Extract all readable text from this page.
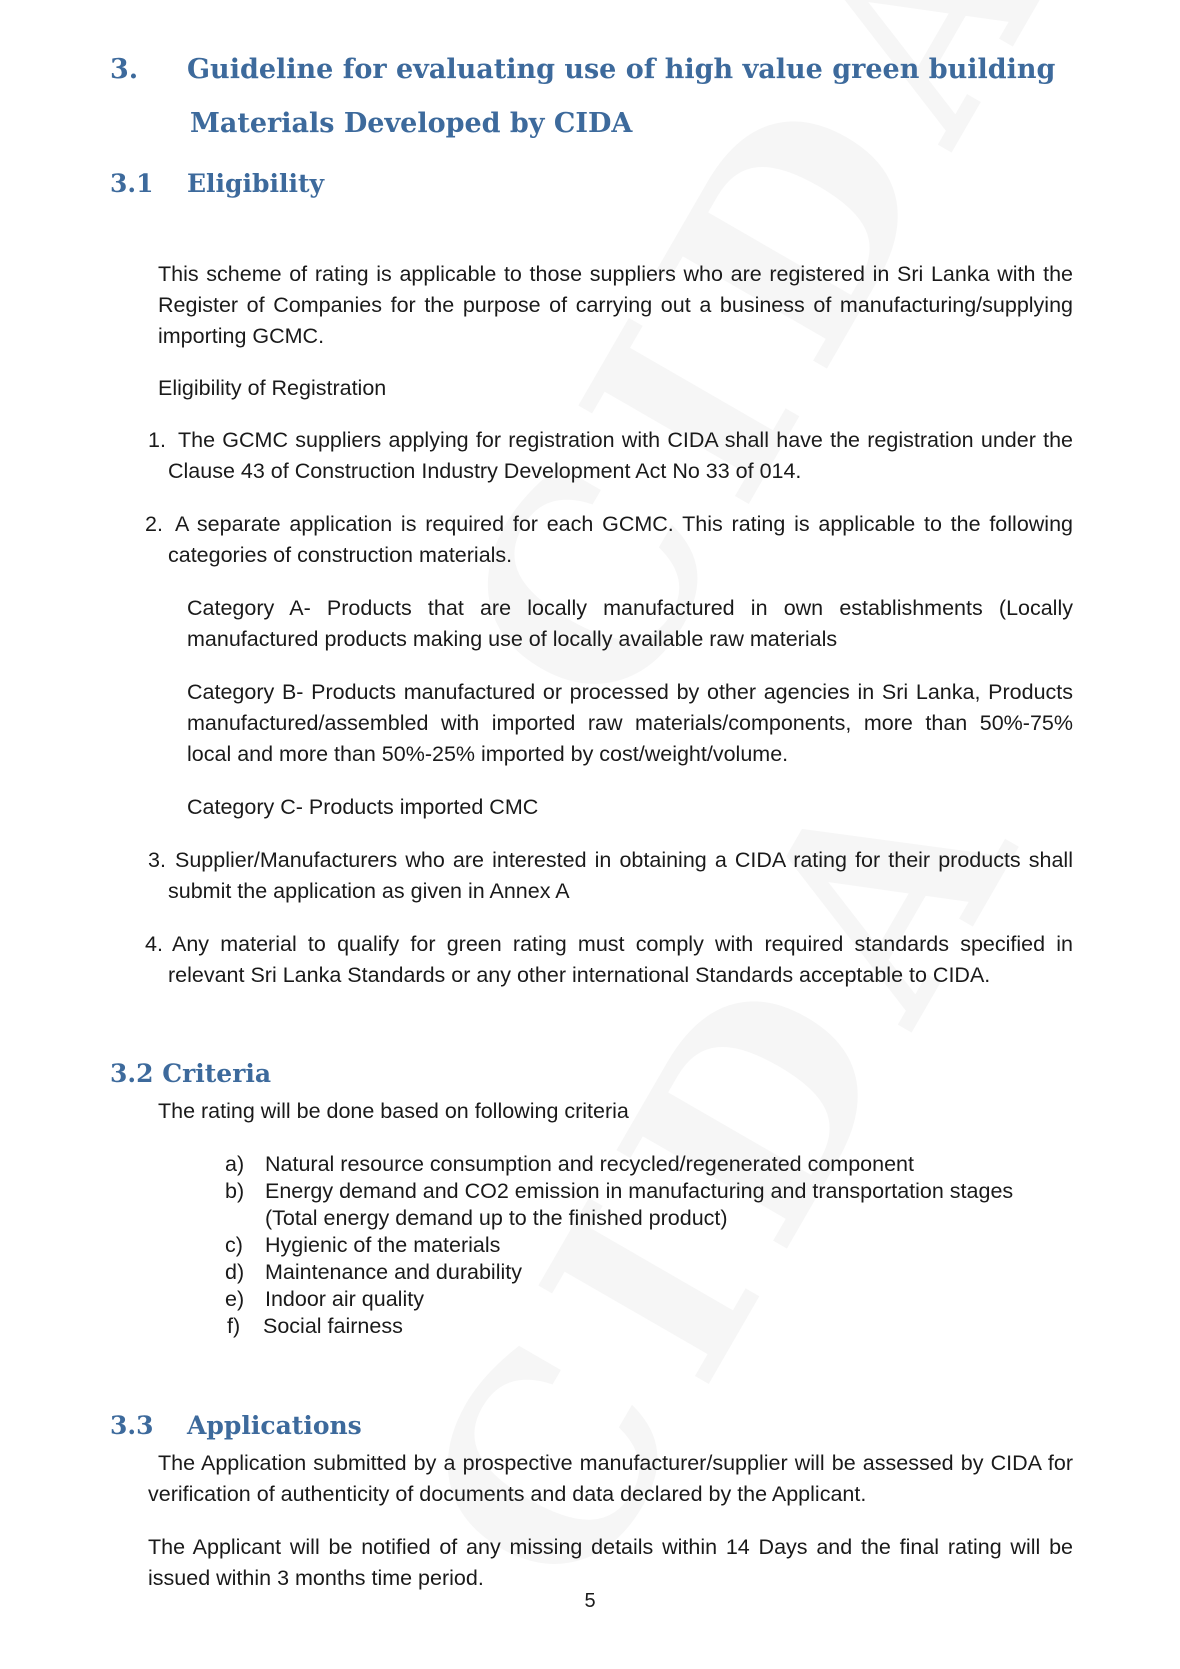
3. Guideline for evaluating use of high value green building
Materials Developed by CIDA
3.1 Eligibility
This scheme of rating is applicable to those suppliers who are registered in Sri Lanka with the Register of Companies for the purpose of carrying out a business of manufacturing/supplying importing GCMC.
Eligibility of Registration
1. The GCMC suppliers applying for registration with CIDA shall have the registration under the Clause 43 of Construction Industry Development Act No 33 of 014.
2. A separate application is required for each GCMC. This rating is applicable to the following categories of construction materials.
Category A- Products that are locally manufactured in own establishments (Locally manufactured products making use of locally available raw materials
Category B- Products manufactured or processed by other agencies in Sri Lanka, Products manufactured/assembled with imported raw materials/components, more than 50%-75% local and more than 50%-25% imported by cost/weight/volume.
Category C- Products imported CMC
3. Supplier/Manufacturers who are interested in obtaining a CIDA rating for their products shall submit the application as given in Annex A
4. Any material to qualify for green rating must comply with required standards specified in relevant Sri Lanka Standards or any other international Standards acceptable to CIDA.
3.2 Criteria
The rating will be done based on following criteria
a) Natural resource consumption and recycled/regenerated component
b) Energy demand and CO2 emission in manufacturing and transportation stages
(Total energy demand up to the finished product)
c)	Hygienic of the materials
d) Maintenance and durability
e) Indoor air quality
f)	Social fairness
3.3 Applications
The Application submitted by a prospective manufacturer/supplier will be assessed by CIDA for verification of authenticity of documents and data declared by the Applicant.
The Applicant will be notified of any missing details within 14 Days and the final rating will be issued within 3 months time period.
5
